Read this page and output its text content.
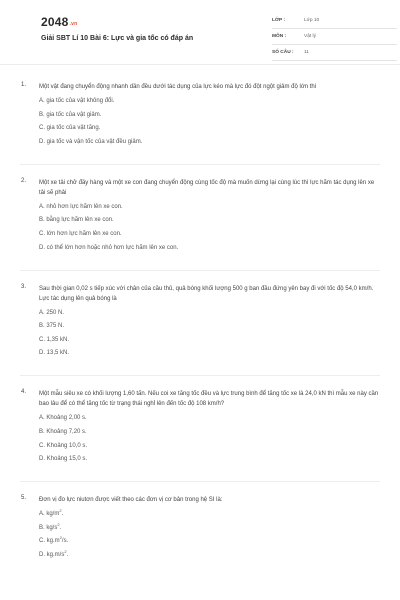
$2048^{.vn}$
Giải SBT Lí 10 Bài 6: Lực và gia tốc có đáp án
LỚP :	Lớp 10
MÔN :	Vật lý
SỐ CÂU : 11
1. Một vật đang chuyển động nhanh dần đều dưới tác dụng của lực kéo mà lực đó đột ngột giảm độ lớn thì
A. gia tốc của vật không đổi.
B. gia tốc của vật giảm.
C. gia tốc của vật tăng.
D. gia tốc và vận tốc của vật đều giảm.
2. Một xe tải chở đầy hàng và một xe con đang chuyển động cùng tốc độ mà muốn dừng lại cùng lúc thì lực hãm tác dụng lên xe tải sẽ phải
A. nhỏ hơn lực hãm lên xe con.
B. bằng lực hãm lên xe con.
C. lớn hơn lực hãm lên xe con.
D. có thể lớn hơn hoặc nhỏ hơn lực hãm lên xe con.
3. Sau thời gian 0,02 s tiếp xúc với chân của cầu thủ, quả bóng khối lượng 500 g ban đầu đứng yên bay đi với tốc độ 54,0 km/h. Lực tác dụng lên quả bóng là
A. 250 N.
B. 375 N.
C. 1,35 kN.
D. 13,5 kN.
4. Một mẫu siêu xe có khối lượng 1,60 tấn. Nếu coi xe tăng tốc đều và lực trung bình để tăng tốc xe là 24,0 kN thì mẫu xe này cần bao lâu để có thể tăng tốc từ trạng thái nghỉ lên đến tốc độ 108 km/h?
A. Khoảng 2,00 s.
B. Khoảng 7,20 s.
C. Khoảng 10,0 s.
D. Khoảng 15,0 s.
5. Đơn vị đo lực niutơn được viết theo các đơn vị cơ bản trong hệ SI là:
A. $kg/m^2$.
B. $kg/s^2$.
C. $kg.m^2/s$.
D. $kg.m/s^2$.
